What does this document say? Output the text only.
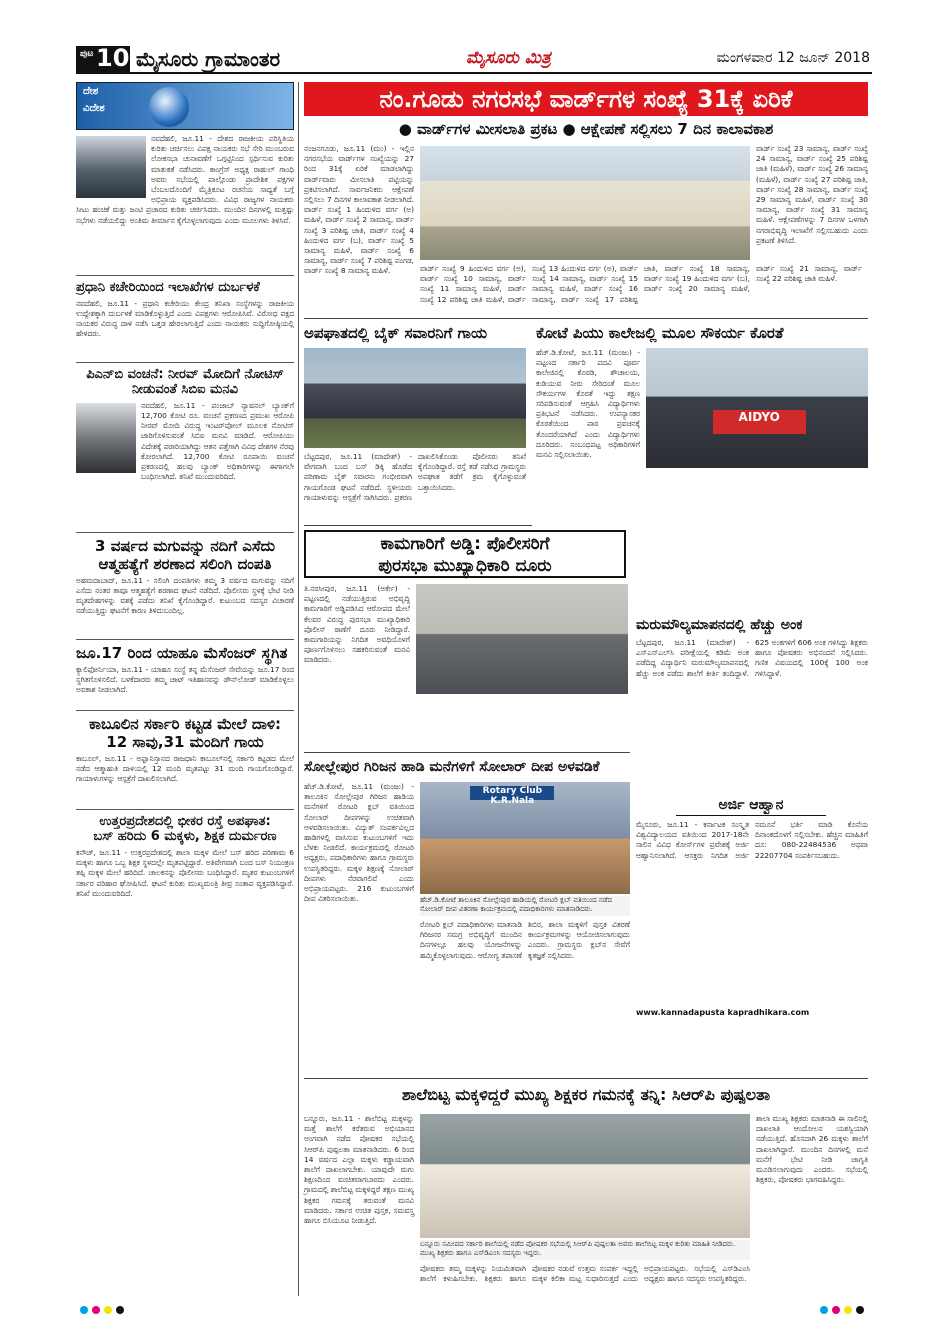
ಪುಟ 10 ಮೈಸೂರು ಗ್ರಾಮಾಂತರ	ಮೈಸೂರು ಮಿತ್ರ	ಮಂಗಳವಾರ 12 ಜೂನ್ 2018
ದೇಶ
ವಿದೇಶ
ನವದೆಹಲಿ, ಜೂ.11 - ದೇಶದ ರಾಜಕೀಯ ಪರಿಸ್ಥಿತಿಯ ಕುರಿತು ಚರ್ಚಿಸಲು ವಿಪಕ್ಷ ನಾಯಕರು ಸಭೆ ಸೇರಿ ಮುಂಬರುವ ಲೋಕಸಭಾ ಚುನಾವಣೆಗೆ ಒಗ್ಗಟ್ಟಿನಿಂದ ಸ್ಪರ್ಧಿಸುವ ಕುರಿತು ಮಾತುಕತೆ ನಡೆಸಿದರು. ಕಾಂಗ್ರೆಸ್ ಅಧ್ಯಕ್ಷ ರಾಹುಲ್ ಗಾಂಧಿ ಅವರು ಸಭೆಯಲ್ಲಿ ಪಾಲ್ಗೊಂಡು ಪ್ರಾದೇಶಿಕ ಪಕ್ಷಗಳ ಬೆಂಬಲದೊಂದಿಗೆ ಮೈತ್ರಿಕೂಟ ರಚನೆಯ ಸಾಧ್ಯತೆ ಬಗ್ಗೆ ಅಭಿಪ್ರಾಯ ವ್ಯಕ್ತಪಡಿಸಿದರು. ವಿವಿಧ ರಾಜ್ಯಗಳ ನಾಯಕರು ಸೀಟು ಹಂಚಿಕೆ ಮತ್ತು ಜಂಟಿ ಪ್ರಚಾರದ ಕುರಿತು ಚರ್ಚಿಸಿದರು. ಮುಂದಿನ ದಿನಗಳಲ್ಲಿ ಮತ್ತಷ್ಟು ಸಭೆಗಳು ನಡೆಯಲಿದ್ದು ಅಂತಿಮ ತೀರ್ಮಾನ ಕೈಗೊಳ್ಳಲಾಗುವುದು ಎಂದು ಮೂಲಗಳು ತಿಳಿಸಿವೆ.
ಪ್ರಧಾನಿ ಕಚೇರಿಯಿಂದ ಇಲಾಖೆಗಳ ದುರ್ಬಳಕೆ
ನವದೆಹಲಿ, ಜೂ.11 - ಪ್ರಧಾನಿ ಕಚೇರಿಯು ಕೇಂದ್ರ ತನಿಖಾ ಸಂಸ್ಥೆಗಳನ್ನು ರಾಜಕೀಯ ಉದ್ದೇಶಕ್ಕಾಗಿ ದುರ್ಬಳಕೆ ಮಾಡಿಕೊಳ್ಳುತ್ತಿದೆ ಎಂದು ವಿಪಕ್ಷಗಳು ಆರೋಪಿಸಿವೆ. ವಿರೋಧ ಪಕ್ಷದ ನಾಯಕರ ವಿರುದ್ಧ ದಾಳಿ ನಡೆಸಿ ಒತ್ತಡ ಹೇರಲಾಗುತ್ತಿದೆ ಎಂದು ನಾಯಕರು ಸುದ್ದಿಗೋಷ್ಠಿಯಲ್ಲಿ ಹೇಳಿದರು.
ಪಿಎನ್‌ಬಿ ವಂಚನೆ: ನೀರವ್ ಮೋದಿಗೆ ನೋಟಿಸ್ ನೀಡುವಂತೆ ಸಿಬಿಐ ಮನವಿ
ನವದೆಹಲಿ, ಜೂ.11 - ಪಂಜಾಬ್ ನ್ಯಾಷನಲ್ ಬ್ಯಾಂಕ್‌ಗೆ 12,700 ಕೋಟಿ ರೂ. ವಂಚನೆ ಪ್ರಕರಣದ ಪ್ರಮುಖ ಆರೋಪಿ ನೀರವ್ ಮೋದಿ ವಿರುದ್ಧ ಇಂಟರ್‌ಪೋಲ್ ಮೂಲಕ ನೋಟಿಸ್ ಜಾರಿಗೊಳಿಸುವಂತೆ ಸಿಬಿಐ ಮನವಿ ಮಾಡಿದೆ. ಆರೋಪಿಯು ವಿದೇಶಕ್ಕೆ ಪರಾರಿಯಾಗಿದ್ದು ಆತನ ಪತ್ತೆಗಾಗಿ ವಿವಿಧ ದೇಶಗಳ ನೆರವು ಕೋರಲಾಗಿದೆ. 12,700 ಕೋಟಿ ರೂಪಾಯಿ ವಂಚನೆ ಪ್ರಕರಣದಲ್ಲಿ ಹಲವು ಬ್ಯಾಂಕ್ ಅಧಿಕಾರಿಗಳನ್ನು ಈಗಾಗಲೇ ಬಂಧಿಸಲಾಗಿದೆ. ತನಿಖೆ ಮುಂದುವರಿದಿದೆ.
3 ವರ್ಷದ ಮಗುವನ್ನು ನದಿಗೆ ಎಸೆದು ಆತ್ಮಹತ್ಯೆಗೆ ಶರಣಾದ ಸಲಿಂಗಿ ದಂಪತಿ
ಅಹಮದಾಬಾದ್, ಜೂ.11 - ಸಲಿಂಗಿ ದಂಪತಿಗಳು ತಮ್ಮ 3 ವರ್ಷದ ಮಗುವನ್ನು ನದಿಗೆ ಎಸೆದು ನಂತರ ತಾವೂ ಆತ್ಮಹತ್ಯೆಗೆ ಶರಣಾದ ಘಟನೆ ನಡೆದಿದೆ. ಪೊಲೀಸರು ಸ್ಥಳಕ್ಕೆ ಭೇಟಿ ನೀಡಿ ಮೃತದೇಹಗಳನ್ನು ವಶಕ್ಕೆ ಪಡೆದು ತನಿಖೆ ಕೈಗೊಂಡಿದ್ದಾರೆ. ಕುಟುಂಬದ ಸದಸ್ಯರ ವಿಚಾರಣೆ ನಡೆಯುತ್ತಿದ್ದು ಘಟನೆಗೆ ಕಾರಣ ತಿಳಿದುಬಂದಿಲ್ಲ.
ಜೂ.17 ರಿಂದ ಯಾಹೂ ಮೆಸೆಂಜರ್ ಸ್ಥಗಿತ
ಕ್ಯಾಲಿಫೋರ್ನಿಯಾ, ಜೂ.11 - ಯಾಹೂ ಸಂಸ್ಥೆ ತನ್ನ ಮೆಸೆಂಜರ್ ಸೇವೆಯನ್ನು ಜೂ.17 ರಿಂದ ಸ್ಥಗಿತಗೊಳಿಸಲಿದೆ. ಬಳಕೆದಾರರು ತಮ್ಮ ಚಾಟ್ ಇತಿಹಾಸವನ್ನು ಡೌನ್‌ಲೋಡ್ ಮಾಡಿಕೊಳ್ಳಲು ಅವಕಾಶ ನೀಡಲಾಗಿದೆ.
ಕಾಬೂಲಿನ ಸರ್ಕಾರಿ ಕಟ್ಟಡ ಮೇಲೆ ದಾಳಿ: 12 ಸಾವು,31 ಮಂದಿಗೆ ಗಾಯ
ಕಾಬೂಲ್, ಜೂ.11 - ಅಫ್ಘಾನಿಸ್ತಾನದ ರಾಜಧಾನಿ ಕಾಬೂಲ್‌ನಲ್ಲಿ ಸರ್ಕಾರಿ ಕಟ್ಟಡದ ಮೇಲೆ ನಡೆದ ಆತ್ಮಾಹುತಿ ದಾಳಿಯಲ್ಲಿ 12 ಮಂದಿ ಮೃತಪಟ್ಟು 31 ಮಂದಿ ಗಾಯಗೊಂಡಿದ್ದಾರೆ. ಗಾಯಾಳುಗಳನ್ನು ಆಸ್ಪತ್ರೆಗೆ ದಾಖಲಿಸಲಾಗಿದೆ.
ಉತ್ತರಪ್ರದೇಶದಲ್ಲಿ ಭೀಕರ ರಸ್ತೆ ಅಪಘಾತ:
ಬಸ್ ಹರಿದು 6 ಮಕ್ಕಳು, ಶಿಕ್ಷಕ ದುರ್ಮರಣ
ಕನೌಜ್, ಜೂ.11 - ಉತ್ತರಪ್ರದೇಶದಲ್ಲಿ ಶಾಲಾ ಮಕ್ಕಳ ಮೇಲೆ ಬಸ್ ಹರಿದ ಪರಿಣಾಮ 6 ಮಕ್ಕಳು ಹಾಗೂ ಒಬ್ಬ ಶಿಕ್ಷಕ ಸ್ಥಳದಲ್ಲೇ ಮೃತಪಟ್ಟಿದ್ದಾರೆ. ಅತಿವೇಗವಾಗಿ ಬಂದ ಬಸ್ ನಿಯಂತ್ರಣ ತಪ್ಪಿ ಮಕ್ಕಳ ಮೇಲೆ ಹರಿದಿದೆ. ಚಾಲಕನನ್ನು ಪೊಲೀಸರು ಬಂಧಿಸಿದ್ದಾರೆ. ಮೃತರ ಕುಟುಂಬಗಳಿಗೆ ಸರ್ಕಾರ ಪರಿಹಾರ ಘೋಷಿಸಿದೆ. ಘಟನೆ ಕುರಿತು ಮುಖ್ಯಮಂತ್ರಿ ತೀವ್ರ ಸಂತಾಪ ವ್ಯಕ್ತಪಡಿಸಿದ್ದಾರೆ. ತನಿಖೆ ಮುಂದುವರಿದಿದೆ.
ನಂ.ಗೂಡು ನಗರಸಭೆ ವಾರ್ಡ್‌ಗಳ ಸಂಖ್ಯೆ 31ಕ್ಕೆ ಏರಿಕೆ
● ವಾರ್ಡ್‌ಗಳ ಮೀಸಲಾತಿ ಪ್ರಕಟ ● ಆಕ್ಷೇಪಣೆ ಸಲ್ಲಿಸಲು 7 ದಿನ ಕಾಲಾವಕಾಶ
ನಂಜನಗೂಡು, ಜೂ.11 (ಮಂ) - ಇಲ್ಲಿನ ನಗರಸಭೆಯ ವಾರ್ಡ್‌ಗಳ ಸಂಖ್ಯೆಯನ್ನು 27 ರಿಂದ 31ಕ್ಕೆ ಏರಿಕೆ ಮಾಡಲಾಗಿದ್ದು ವಾರ್ಡ್‌ವಾರು ಮೀಸಲಾತಿ ಪಟ್ಟಿಯನ್ನು ಪ್ರಕಟಿಸಲಾಗಿದೆ. ಸಾರ್ವಜನಿಕರು ಆಕ್ಷೇಪಣೆ ಸಲ್ಲಿಸಲು 7 ದಿನಗಳ ಕಾಲಾವಕಾಶ ನೀಡಲಾಗಿದೆ. ವಾರ್ಡ್ ಸಂಖ್ಯೆ 1 ಹಿಂದುಳಿದ ವರ್ಗ (ಅ) ಮಹಿಳೆ, ವಾರ್ಡ್ ಸಂಖ್ಯೆ 2 ಸಾಮಾನ್ಯ, ವಾರ್ಡ್ ಸಂಖ್ಯೆ 3 ಪರಿಶಿಷ್ಟ ಜಾತಿ, ವಾರ್ಡ್ ಸಂಖ್ಯೆ 4 ಹಿಂದುಳಿದ ವರ್ಗ (ಬ), ವಾರ್ಡ್ ಸಂಖ್ಯೆ 5 ಸಾಮಾನ್ಯ ಮಹಿಳೆ, ವಾರ್ಡ್ ಸಂಖ್ಯೆ 6 ಸಾಮಾನ್ಯ, ವಾರ್ಡ್ ಸಂಖ್ಯೆ 7 ಪರಿಶಿಷ್ಟ ಪಂಗಡ, ವಾರ್ಡ್ ಸಂಖ್ಯೆ 8 ಸಾಮಾನ್ಯ ಮಹಿಳೆ.	ವಾರ್ಡ್ ಸಂಖ್ಯೆ 9 ಹಿಂದುಳಿದ ವರ್ಗ (ಅ), ವಾರ್ಡ್ ಸಂಖ್ಯೆ 10 ಸಾಮಾನ್ಯ, ವಾರ್ಡ್ ಸಂಖ್ಯೆ 11 ಸಾಮಾನ್ಯ ಮಹಿಳೆ, ವಾರ್ಡ್ ಸಂಖ್ಯೆ 12 ಪರಿಶಿಷ್ಟ ಜಾತಿ ಮಹಿಳೆ, ವಾರ್ಡ್ ಸಂಖ್ಯೆ 13 ಹಿಂದುಳಿದ ವರ್ಗ (ಅ), ವಾರ್ಡ್ ಸಂಖ್ಯೆ 14 ಸಾಮಾನ್ಯ, ವಾರ್ಡ್ ಸಂಖ್ಯೆ 15 ಸಾಮಾನ್ಯ ಮಹಿಳೆ, ವಾರ್ಡ್ ಸಂಖ್ಯೆ 16 ಸಾಮಾನ್ಯ, ವಾರ್ಡ್ ಸಂಖ್ಯೆ 17 ಪರಿಶಿಷ್ಟ ಜಾತಿ, ವಾರ್ಡ್ ಸಂಖ್ಯೆ 18 ಸಾಮಾನ್ಯ, ವಾರ್ಡ್ ಸಂಖ್ಯೆ 19 ಹಿಂದುಳಿದ ವರ್ಗ (ಬ), ವಾರ್ಡ್ ಸಂಖ್ಯೆ 20 ಸಾಮಾನ್ಯ ಮಹಿಳೆ, ವಾರ್ಡ್ ಸಂಖ್ಯೆ 21 ಸಾಮಾನ್ಯ, ವಾರ್ಡ್ ಸಂಖ್ಯೆ 22 ಪರಿಶಿಷ್ಟ ಜಾತಿ ಮಹಿಳೆ.
ವಾರ್ಡ್ ಸಂಖ್ಯೆ 23 ಸಾಮಾನ್ಯ, ವಾರ್ಡ್ ಸಂಖ್ಯೆ 24 ಸಾಮಾನ್ಯ, ವಾರ್ಡ್ ಸಂಖ್ಯೆ 25 ಪರಿಶಿಷ್ಟ ಜಾತಿ (ಮಹಿಳೆ), ವಾರ್ಡ್ ಸಂಖ್ಯೆ 26 ಸಾಮಾನ್ಯ (ಮಹಿಳೆ), ವಾರ್ಡ್ ಸಂಖ್ಯೆ 27 ಪರಿಶಿಷ್ಟ ಜಾತಿ, ವಾರ್ಡ್ ಸಂಖ್ಯೆ 28 ಸಾಮಾನ್ಯ, ವಾರ್ಡ್ ಸಂಖ್ಯೆ 29 ಸಾಮಾನ್ಯ ಮಹಿಳೆ, ವಾರ್ಡ್ ಸಂಖ್ಯೆ 30 ಸಾಮಾನ್ಯ, ವಾರ್ಡ್ ಸಂಖ್ಯೆ 31 ಸಾಮಾನ್ಯ ಮಹಿಳೆ. ಆಕ್ಷೇಪಣೆಗಳನ್ನು 7 ದಿನಗಳ ಒಳಗಾಗಿ ನಗರಾಭಿವೃದ್ಧಿ ಇಲಾಖೆಗೆ ಸಲ್ಲಿಸಬಹುದು ಎಂದು ಪ್ರಕಟಣೆ ತಿಳಿಸಿದೆ.
ಅಪಘಾತದಲ್ಲಿ ಬೈಕ್ ಸವಾರನಿಗೆ ಗಾಯ
ಬೆಟ್ಟದಪುರ, ಜೂ.11 (ಮಾದೇಶ್) - ವೇಗವಾಗಿ ಬಂದ ಬಸ್ ಡಿಕ್ಕಿ ಹೊಡೆದ ಪರಿಣಾಮ ಬೈಕ್ ಸವಾರನು ಗಂಭೀರವಾಗಿ ಗಾಯಗೊಂಡ ಘಟನೆ ನಡೆದಿದೆ. ಸ್ಥಳೀಯರು ಗಾಯಾಳುವನ್ನು ಆಸ್ಪತ್ರೆಗೆ ಸಾಗಿಸಿದರು. ಪ್ರಕರಣ ದಾಖಲಿಸಿಕೊಂಡು ಪೊಲೀಸರು ತನಿಖೆ ಕೈಗೊಂಡಿದ್ದಾರೆ. ರಸ್ತೆ ತಡೆ ನಡೆಸಿದ ಗ್ರಾಮಸ್ಥರು ಅಪಘಾತ ತಡೆಗೆ ಕ್ರಮ ಕೈಗೊಳ್ಳುವಂತೆ ಒತ್ತಾಯಿಸಿದರು.
ಕೋಟೆ ಪಿಯು ಕಾಲೇಜಲ್ಲಿ ಮೂಲ ಸೌಕರ್ಯ ಕೊರತೆ
ಹೆಚ್.ಡಿ.ಕೋಟೆ, ಜೂ.11 (ಮಂಜು) - ಪಟ್ಟಣದ ಸರ್ಕಾರಿ ಪದವಿ ಪೂರ್ವ ಕಾಲೇಜಿನಲ್ಲಿ ಕೊಠಡಿ, ಶೌಚಾಲಯ, ಕುಡಿಯುವ ನೀರು ಸೇರಿದಂತೆ ಮೂಲ ಸೌಕರ್ಯಗಳ ಕೊರತೆ ಇದ್ದು ತಕ್ಷಣ ಸರಿಪಡಿಸುವಂತೆ ಆಗ್ರಹಿಸಿ ವಿದ್ಯಾರ್ಥಿಗಳು ಪ್ರತಿಭಟನೆ ನಡೆಸಿದರು. ಉಪನ್ಯಾಸಕರ ಕೊರತೆಯಿಂದ ಪಾಠ ಪ್ರವಚನಕ್ಕೆ ತೊಂದರೆಯಾಗಿದೆ ಎಂದು ವಿದ್ಯಾರ್ಥಿಗಳು ದೂರಿದರು. ಸಂಬಂಧಪಟ್ಟ ಅಧಿಕಾರಿಗಳಿಗೆ ಮನವಿ ಸಲ್ಲಿಸಲಾಯಿತು.
AIDYO
ಕಾಮಗಾರಿಗೆ ಅಡ್ಡಿ: ಪೊಲೀಸರಿಗೆ
ಪುರಸಭಾ ಮುಖ್ಯಾಧಿಕಾರಿ ದೂರು
ತಿ.ನರಸೀಪುರ, ಜೂ.11 (ಅರ್ಕೇ) - ಪಟ್ಟಣದಲ್ಲಿ ನಡೆಯುತ್ತಿರುವ ಅಭಿವೃದ್ಧಿ ಕಾಮಗಾರಿಗೆ ಅಡ್ಡಿಪಡಿಸಿದ ಆರೋಪದ ಮೇಲೆ ಕೆಲವರ ವಿರುದ್ಧ ಪುರಸಭಾ ಮುಖ್ಯಾಧಿಕಾರಿ ಪೊಲೀಸ್ ಠಾಣೆಗೆ ದೂರು ನೀಡಿದ್ದಾರೆ. ಕಾಮಗಾರಿಯನ್ನು ನಿಗದಿತ ಅವಧಿಯೊಳಗೆ ಪೂರ್ಣಗೊಳಿಸಲು ಸಹಕರಿಸುವಂತೆ ಮನವಿ ಮಾಡಿದರು.
ಮರುಮೌಲ್ಯಮಾಪನದಲ್ಲಿ ಹೆಚ್ಚು ಅಂಕ
ಬೆಟ್ಟದಪುರ, ಜೂ.11 (ಮಾದೇಶ್) - ಎಸ್‌ಎಸ್‌ಎಲ್‌ಸಿ ಪರೀಕ್ಷೆಯಲ್ಲಿ ಕಡಿಮೆ ಅಂಕ ಪಡೆದಿದ್ದ ವಿದ್ಯಾರ್ಥಿನಿ ಮರುಮೌಲ್ಯಮಾಪನದಲ್ಲಿ ಹೆಚ್ಚು ಅಂಕ ಪಡೆದು ಶಾಲೆಗೆ ಕೀರ್ತಿ ತಂದಿದ್ದಾಳೆ. 625 ಅಂಕಗಳಿಗೆ 606 ಅಂಕ ಗಳಿಸಿದ್ದು ಶಿಕ್ಷಕರು ಹಾಗೂ ಪೋಷಕರು ಅಭಿನಂದನೆ ಸಲ್ಲಿಸಿದರು. ಗಣಿತ ವಿಷಯದಲ್ಲಿ 100ಕ್ಕೆ 100 ಅಂಕ ಗಳಿಸಿದ್ದಾಳೆ.
ಸೋಲ್ಲೇಪುರ ಗಿರಿಜನ ಹಾಡಿ ಮನೆಗಳಿಗೆ ಸೋಲಾರ್ ದೀಪ ಅಳವಡಿಕೆ
ಹೆಚ್.ಡಿ.ಕೋಟೆ, ಜೂ.11 (ಮಂಜು) - ತಾಲೂಕಿನ ಸೋಲ್ಲೇಪುರ ಗಿರಿಜನ ಹಾಡಿಯ ಮನೆಗಳಿಗೆ ರೋಟರಿ ಕ್ಲಬ್ ವತಿಯಿಂದ ಸೋಲಾರ್ ದೀಪಗಳನ್ನು ಉಚಿತವಾಗಿ ಅಳವಡಿಸಲಾಯಿತು. ವಿದ್ಯುತ್ ಸಂಪರ್ಕವಿಲ್ಲದ ಹಾಡಿಗಳಲ್ಲಿ ವಾಸಿಸುವ ಕುಟುಂಬಗಳಿಗೆ ಇದು ಬೆಳಕು ನೀಡಲಿದೆ. ಕಾರ್ಯಕ್ರಮದಲ್ಲಿ ರೋಟರಿ ಅಧ್ಯಕ್ಷರು, ಪದಾಧಿಕಾರಿಗಳು ಹಾಗೂ ಗ್ರಾಮಸ್ಥರು ಉಪಸ್ಥಿತರಿದ್ದರು. ಮಕ್ಕಳ ಶಿಕ್ಷಣಕ್ಕೆ ಸೋಲಾರ್ ದೀಪಗಳು ನೆರವಾಗಲಿವೆ ಎಂದು ಅಭಿಪ್ರಾಯಪಟ್ಟರು. 216 ಕುಟುಂಬಗಳಿಗೆ ದೀಪ ವಿತರಿಸಲಾಯಿತು.
Rotary Club K.R.Nala
ಹೆಚ್.ಡಿ.ಕೋಟೆ ತಾಲೂಕಿನ ಸೋಲ್ಲೇಪುರ ಹಾಡಿಯಲ್ಲಿ ರೋಟರಿ ಕ್ಲಬ್ ವತಿಯಿಂದ ನಡೆದ ಸೋಲಾರ್ ದೀಪ ವಿತರಣಾ ಕಾರ್ಯಕ್ರಮದಲ್ಲಿ ಪದಾಧಿಕಾರಿಗಳು ಮಾತನಾಡಿದರು.
ರೋಟರಿ ಕ್ಲಬ್ ಪದಾಧಿಕಾರಿಗಳು ಮಾತನಾಡಿ ಗಿರಿಜನರ ಸಮಗ್ರ ಅಭಿವೃದ್ಧಿಗೆ ಮುಂದಿನ ದಿನಗಳಲ್ಲೂ ಹಲವು ಯೋಜನೆಗಳನ್ನು ಹಮ್ಮಿಕೊಳ್ಳಲಾಗುವುದು. ಆರೋಗ್ಯ ತಪಾಸಣೆ ಶಿಬಿರ, ಶಾಲಾ ಮಕ್ಕಳಿಗೆ ಪುಸ್ತಕ ವಿತರಣೆ ಕಾರ್ಯಕ್ರಮಗಳನ್ನು ಆಯೋಜಿಸಲಾಗುವುದು ಎಂದರು. ಗ್ರಾಮಸ್ಥರು ಕ್ಲಬ್‌ನ ಸೇವೆಗೆ ಕೃತಜ್ಞತೆ ಸಲ್ಲಿಸಿದರು.
ಅರ್ಜಿ ಆಹ್ವಾನ
ಮೈಸೂರು, ಜೂ.11 - ಕರ್ನಾಟಕ ಸಂಸ್ಕೃತ ವಿಶ್ವವಿದ್ಯಾಲಯದ ವತಿಯಿಂದ 2017-18ನೇ ಸಾಲಿನ ವಿವಿಧ ಕೋರ್ಸ್‌ಗಳ ಪ್ರವೇಶಕ್ಕೆ ಅರ್ಜಿ ಆಹ್ವಾನಿಸಲಾಗಿದೆ. ಆಸಕ್ತರು ನಿಗದಿತ ಅರ್ಜಿ ನಮೂನೆ ಭರ್ತಿ ಮಾಡಿ ಕೊನೆಯ ದಿನಾಂಕದೊಳಗೆ ಸಲ್ಲಿಸಬೇಕು. ಹೆಚ್ಚಿನ ಮಾಹಿತಿಗೆ ದೂ: 080-22484536 ಅಥವಾ 22207704 ಸಂಪರ್ಕಿಸಬಹುದು.
www.kannadapusta kapradhikara.com
ಶಾಲೆಬಿಟ್ಟ ಮಕ್ಕಳಿದ್ದರೆ ಮುಖ್ಯ ಶಿಕ್ಷಕರ ಗಮನಕ್ಕೆ ತನ್ನಿ: ಸಿಆರ್‌ಪಿ ಪುಷ್ಪಲತಾ
ಬನ್ನೂರು, ಜೂ.11 - ಶಾಲೆಬಿಟ್ಟ ಮಕ್ಕಳನ್ನು ಮತ್ತೆ ಶಾಲೆಗೆ ಕರೆತರುವ ಅಭಿಯಾನದ ಅಂಗವಾಗಿ ನಡೆದ ಪೋಷಕರ ಸಭೆಯಲ್ಲಿ ಸಿಆರ್‌ಪಿ ಪುಷ್ಪಲತಾ ಮಾತನಾಡಿದರು. 6 ರಿಂದ 14 ವರ್ಷದ ಎಲ್ಲಾ ಮಕ್ಕಳು ಕಡ್ಡಾಯವಾಗಿ ಶಾಲೆಗೆ ದಾಖಲಾಗಬೇಕು. ಯಾವುದೇ ಮಗು ಶಿಕ್ಷಣದಿಂದ ವಂಚಿತವಾಗಬಾರದು ಎಂದರು. ಗ್ರಾಮದಲ್ಲಿ ಶಾಲೆಬಿಟ್ಟ ಮಕ್ಕಳಿದ್ದರೆ ತಕ್ಷಣ ಮುಖ್ಯ ಶಿಕ್ಷಕರ ಗಮನಕ್ಕೆ ತರುವಂತೆ ಮನವಿ ಮಾಡಿದರು. ಸರ್ಕಾರ ಉಚಿತ ಪುಸ್ತಕ, ಸಮವಸ್ತ್ರ ಹಾಗೂ ಬಿಸಿಯೂಟ ನೀಡುತ್ತಿದೆ.
ಬನ್ನೂರು ಸಮೀಪದ ಸರ್ಕಾರಿ ಶಾಲೆಯಲ್ಲಿ ನಡೆದ ಪೋಷಕರ ಸಭೆಯಲ್ಲಿ ಸಿಆರ್‌ಪಿ ಪುಷ್ಪಲತಾ ಅವರು ಶಾಲೆಬಿಟ್ಟ ಮಕ್ಕಳ ಕುರಿತು ಮಾಹಿತಿ ನೀಡಿದರು. ಮುಖ್ಯ ಶಿಕ್ಷಕರು ಹಾಗೂ ಎಸ್‌ಡಿಎಂಸಿ ಸದಸ್ಯರು ಇದ್ದರು.
ಪೋಷಕರು ತಮ್ಮ ಮಕ್ಕಳನ್ನು ನಿಯಮಿತವಾಗಿ ಶಾಲೆಗೆ ಕಳುಹಿಸಬೇಕು. ಶಿಕ್ಷಕರು ಹಾಗೂ ಪೋಷಕರ ನಡುವೆ ಉತ್ತಮ ಸಂಪರ್ಕ ಇದ್ದಲ್ಲಿ ಮಕ್ಕಳ ಕಲಿಕಾ ಮಟ್ಟ ಸುಧಾರಿಸುತ್ತದೆ ಎಂದು ಅಭಿಪ್ರಾಯಪಟ್ಟರು. ಸಭೆಯಲ್ಲಿ ಎಸ್‌ಡಿಎಂಸಿ ಅಧ್ಯಕ್ಷರು ಹಾಗೂ ಸದಸ್ಯರು ಉಪಸ್ಥಿತರಿದ್ದರು.
ಶಾಲಾ ಮುಖ್ಯ ಶಿಕ್ಷಕರು ಮಾತನಾಡಿ ಈ ಸಾಲಿನಲ್ಲಿ ದಾಖಲಾತಿ ಆಂದೋಲನ ಯಶಸ್ವಿಯಾಗಿ ನಡೆಯುತ್ತಿದೆ. ಹೊಸದಾಗಿ 26 ಮಕ್ಕಳು ಶಾಲೆಗೆ ದಾಖಲಾಗಿದ್ದಾರೆ. ಮುಂದಿನ ದಿನಗಳಲ್ಲಿ ಮನೆ ಮನೆಗೆ ಭೇಟಿ ನೀಡಿ ಜಾಗೃತಿ ಮೂಡಿಸಲಾಗುವುದು ಎಂದರು. ಸಭೆಯಲ್ಲಿ ಶಿಕ್ಷಕರು, ಪೋಷಕರು ಭಾಗವಹಿಸಿದ್ದರು.
